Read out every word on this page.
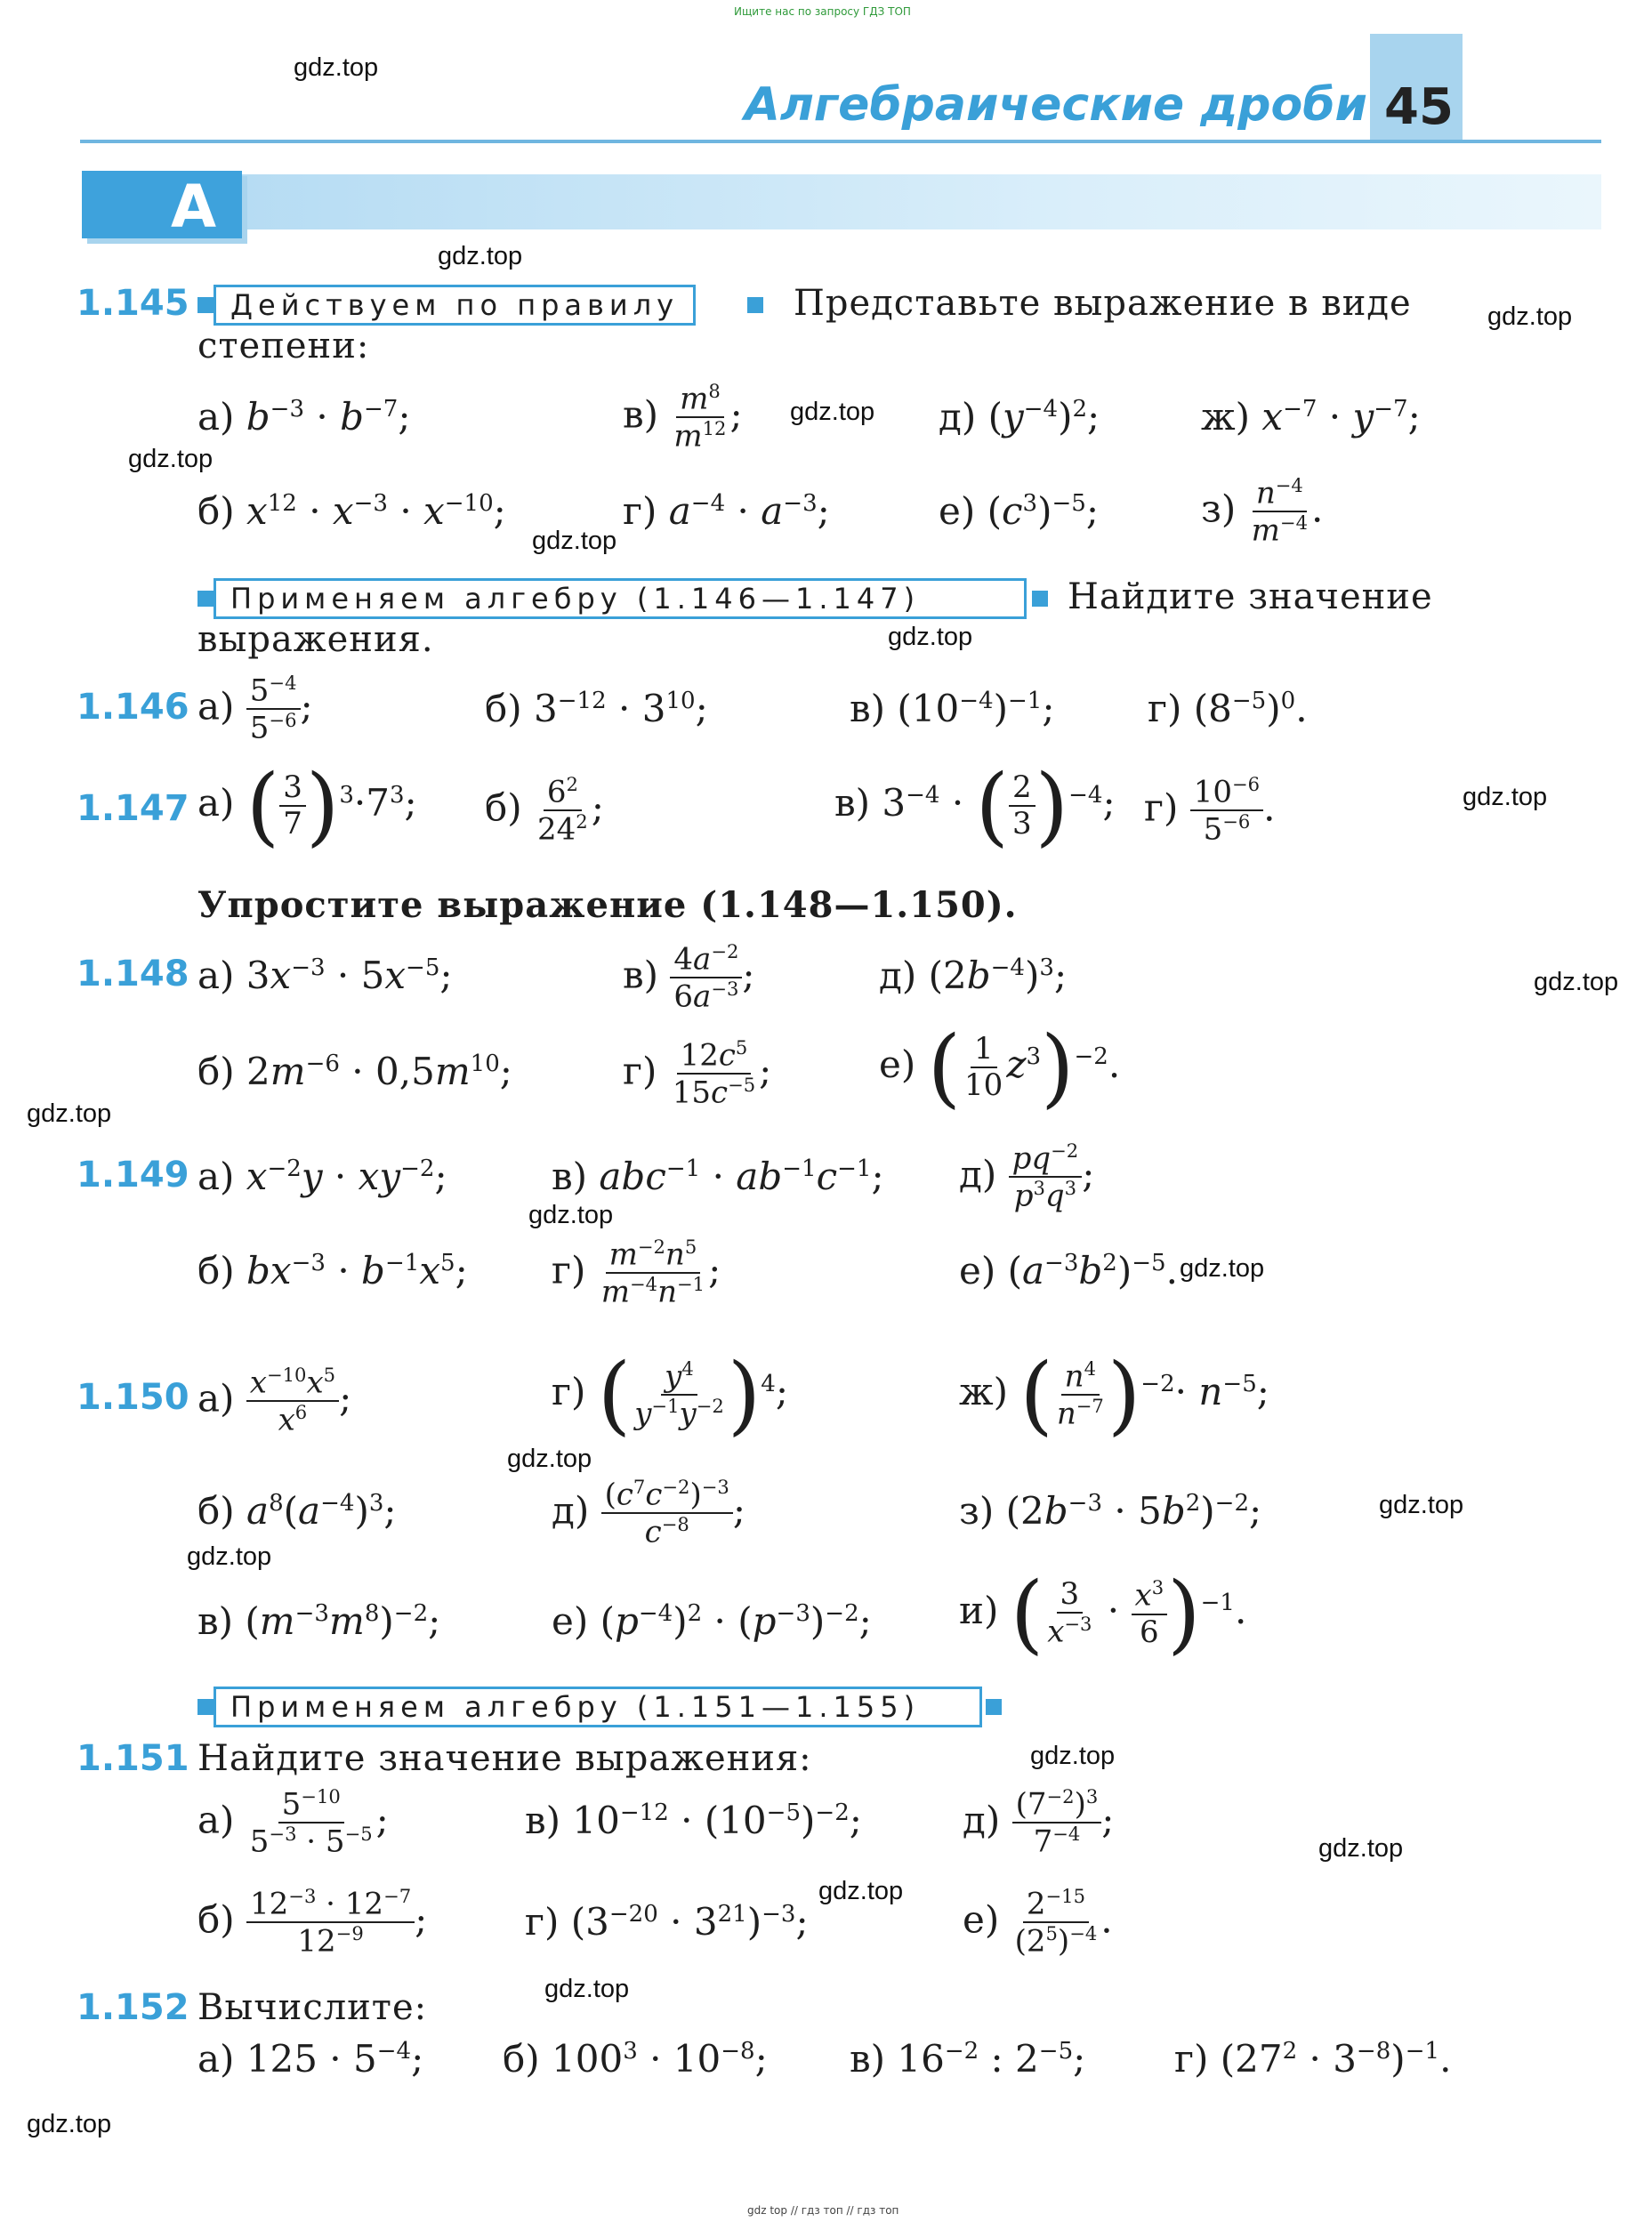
Ищите нас по запросу ГДЗ ТОП
45
Алгебраические дроби
А
gdz.top
gdz.top
gdz.top
gdz.top
gdz.top
gdz.top
gdz.top
gdz.top
gdz.top
gdz.top
gdz.top
gdz.top
gdz.top
gdz.top
gdz.top
gdz.top
gdz.top
gdz.top
gdz.top
gdz.top
1.145	Действуем по правилу	Представьте выражение в виде
степени:
а) $b^{-3} \cdot b^{-7}$;	$в) \frac{m^8}{m^{12}}$ ;	д) $(y^{-4})^2$;	ж) $x^{-7} \cdot y^{-7}$;
б) $x^{12} \cdot x^{-3} \cdot x^{-10}$;	г) $a^{-4} \cdot a^{-3}$;	е) $(c^3)^{-5}$;	$з) \frac{n^{-4}}{m^{-4}}$ .
Применяем алгебру (1.146—1.147)	Найдите значение
выражения.
1.146 $а) \frac{5^{-4}}{5^{-6}}$ ;	б) $3^{-12} \cdot 3^{10}$;	в) $(10^{-4})^{-1}$; г) $(8^{-5})^0$.
1.147 а) ( $\frac{3}{7} )^3\cdot 7^3$; $б) \frac{6^2}{24^2}$ ;	в) $3^{-4}$ · ( $\frac{2}{3} )^{-4}$; $г) \frac{10^{-6}}{5^{-6}}$ .
Упростите выражение (1.148—1.150).
1.148 а) $3x^{-3} \cdot 5x^{-5}$;	$в) \frac{4a^{-2}}{6a^{-3}}$ ;	д) $(2b^{-4})^3$;
б) $2m^{-6} \cdot 0,5m^{10}$;	$г) \frac{12c^5}{15c^{-5}}$ ;	е) ( $\frac{1}{10} z^3)^{-2}$.
1.149 а) $x^{-2}y \cdot xy^{-2}$;	в) $abc^{-1} \cdot ab^{-1}c^{-1}$; $д) \frac{pq^{-2}}{p^3q^3}$ ;
б) $bx^{-3} \cdot b^{-1}x^5$; $г) \frac{m^{-2}n^5}{m^{-4}n^{-1}}$ ;	е) $(a^{-3}b^2)^{-5}$.
1.150 $а) \frac{x^{-10}x^5}{x^6}$ ;	г) ( $\frac{y^4}{y^{-1}y^{-2}} )^4$;	ж) ( $\frac{n^4}{n^{-7}} )^{-2}\cdot n^{-5}$;
б) $a^8(a^{-4})^3$;	$д) \frac{(c^7c^{-2})^{-3}}{c^{-8}}$ ;	з) $(2b^{-3} \cdot 5b^2)^{-2}$;
в) $(m^{-3}m^8)^{-2}$;	е) $(p^{-4})^2 \cdot (p^{-3})^{-2}$; и) ( $\frac{3}{x^{-3}} \cdot \frac{x^3}{6} )^{-1}$.
Применяем алгебру (1.151—1.155)
1.151 Найдите значение выражения:
$а) \frac{5^{-10}}{5^{-3} \cdot 5^{-5}}$ ;	в) $10^{-12} \cdot (10^{-5})^{-2}$;	$д) \frac{(7^{-2})^3}{7^{-4}}$ ;
$б) \frac{12^{-3} \cdot 12^{-7}}{12^{-9}}$ ;	г) $(3^{-20} \cdot 3^{21})^{-3}$;	$е) \frac{2^{-15}}{(2^5)^{-4}}$ .
1.152 Вычислите:
а) $125 \cdot 5^{-4}$; б) $100^3 \cdot 10^{-8}$; в) $16^{-2}$ : $2^{-5}$; г) $(27^2 \cdot 3^{-8})^{-1}$.
gdz top // гдз топ // гдз топ
